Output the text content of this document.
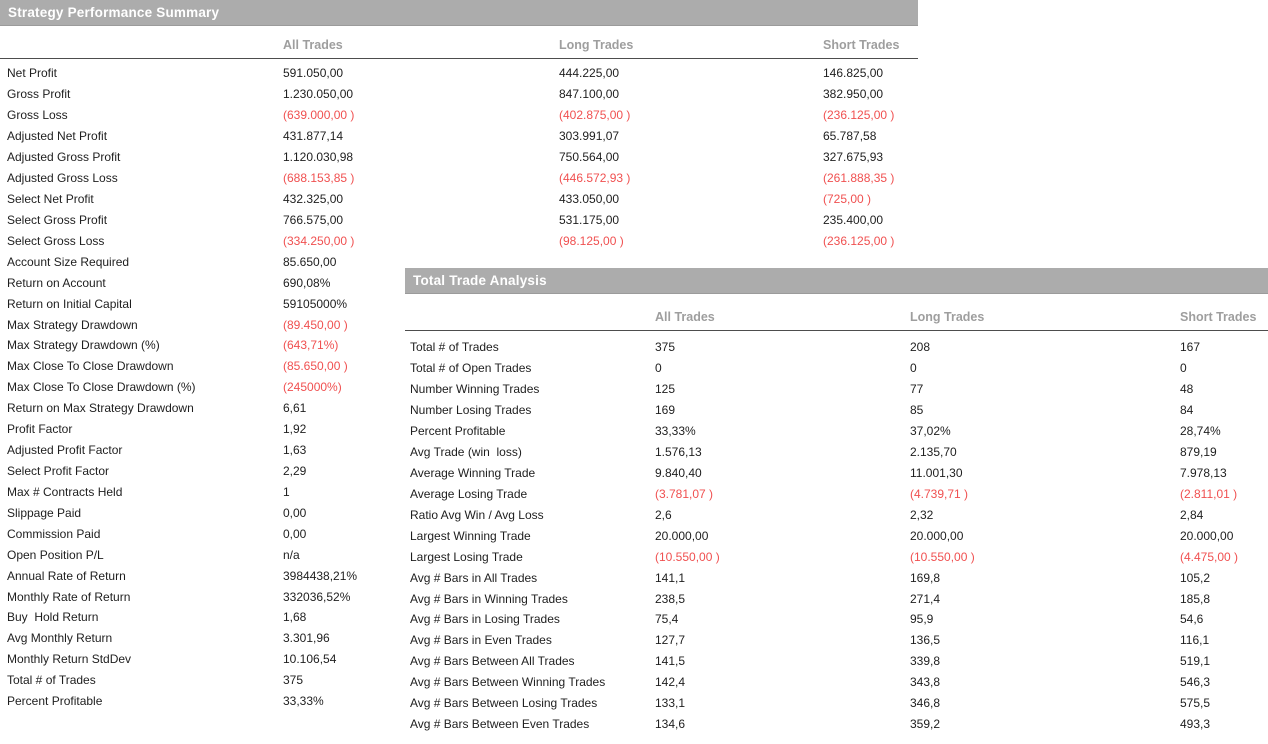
Strategy Performance Summary
All Trades	Long Trades	Short Trades
Net Profit	591.050,00	444.225,00	146.825,00
Gross Profit	1.230.050,00	847.100,00	382.950,00
Gross Loss	(639.000,00 )	(402.875,00 )	(236.125,00 )
Adjusted Net Profit	431.877,14	303.991,07	65.787,58
Adjusted Gross Profit	1.120.030,98	750.564,00	327.675,93
Adjusted Gross Loss	(688.153,85 )	(446.572,93 )	(261.888,35 )
Select Net Profit	432.325,00	433.050,00	(725,00 )
Select Gross Profit	766.575,00	531.175,00	235.400,00
Select Gross Loss	(334.250,00 )	(98.125,00 )	(236.125,00 )
Account Size Required	85.650,00
Return on Account	690,08%
Return on Initial Capital	59105000%
Max Strategy Drawdown	(89.450,00 )
Max Strategy Drawdown (%)	(643,71%)
Max Close To Close Drawdown	(85.650,00 )
Max Close To Close Drawdown (%)	(245000%)
Return on Max Strategy Drawdown	6,61
Profit Factor	1,92
Adjusted Profit Factor	1,63
Select Profit Factor	2,29
Max # Contracts Held	1
Slippage Paid	0,00
Commission Paid	0,00
Open Position P/L	n/a
Annual Rate of Return	3984438,21%
Monthly Rate of Return	332036,52%
Buy  Hold Return	1,68
Avg Monthly Return	3.301,96
Monthly Return StdDev	10.106,54
Total # of Trades	375
Percent Profitable	33,33%
Total Trade Analysis
All Trades	Long Trades	Short Trades
Total # of Trades	375	208	167
Total # of Open Trades	0	0	0
Number Winning Trades	125	77	48
Number Losing Trades	169	85	84
Percent Profitable	33,33%	37,02%	28,74%
Avg Trade (win  loss)	1.576,13	2.135,70	879,19
Average Winning Trade	9.840,40	11.001,30	7.978,13
Average Losing Trade	(3.781,07 )	(4.739,71 )	(2.811,01 )
Ratio Avg Win / Avg Loss	2,6	2,32	2,84
Largest Winning Trade	20.000,00	20.000,00	20.000,00
Largest Losing Trade	(10.550,00 )	(10.550,00 )	(4.475,00 )
Avg # Bars in All Trades	141,1	169,8	105,2
Avg # Bars in Winning Trades	238,5	271,4	185,8
Avg # Bars in Losing Trades	75,4	95,9	54,6
Avg # Bars in Even Trades	127,7	136,5	116,1
Avg # Bars Between All Trades	141,5	339,8	519,1
Avg # Bars Between Winning Trades	142,4	343,8	546,3
Avg # Bars Between Losing Trades	133,1	346,8	575,5
Avg # Bars Between Even Trades	134,6	359,2	493,3
